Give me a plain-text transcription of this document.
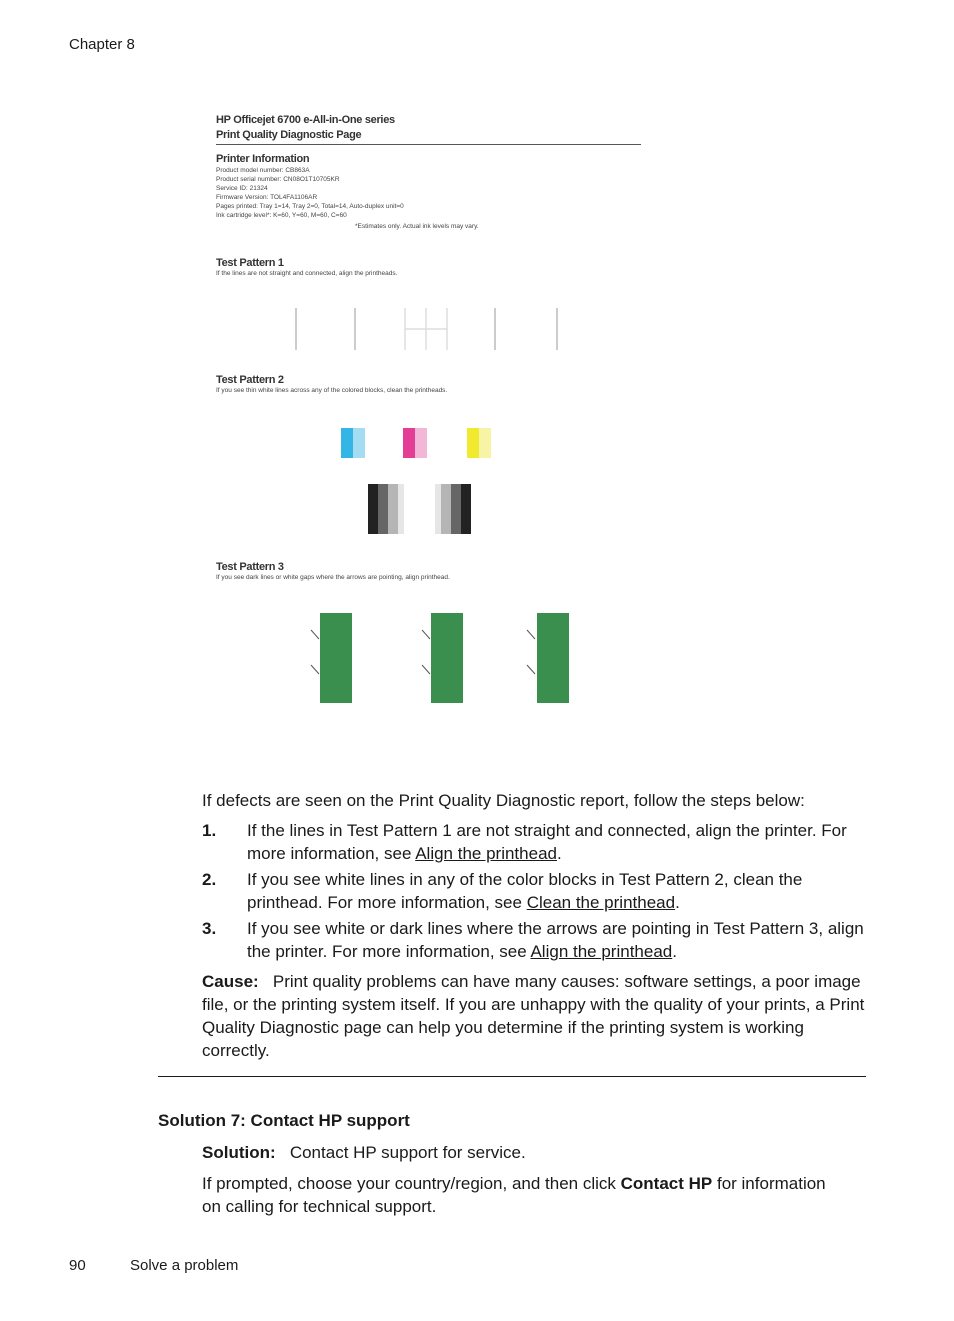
Chapter 8
HP Officejet 6700 e-All-in-One series
Print Quality Diagnostic Page
Printer Information
Product model number: CB863A
Product serial number: CN08O1T10705KR
Service ID: 21324
Firmware Version: TOL4FA1106AR
Pages printed: Tray 1=14, Tray 2=0, Total=14, Auto-duplex unit=0
Ink cartridge level*: K=60, Y=60, M=60, C=60
*Estimates only. Actual ink levels may vary.
Test Pattern 1
If the lines are not straight and connected, align the printheads.
Test Pattern 2
If you see thin white lines across any of the colored blocks, clean the printheads.
Test Pattern 3
If you see dark lines or white gaps where the arrows are pointing, align printhead.
If defects are seen on the Print Quality Diagnostic report, follow the steps below:
1. If the lines in Test Pattern 1 are not straight and connected, align the printer. For more information, see Align the printhead.
2. If you see white lines in any of the color blocks in Test Pattern 2, clean the printhead. For more information, see Clean the printhead.
3. If you see white or dark lines where the arrows are pointing in Test Pattern 3, align the printer. For more information, see Align the printhead.
Cause: Print quality problems can have many causes: software settings, a poor image file, or the printing system itself. If you are unhappy with the quality of your prints, a Print Quality Diagnostic page can help you determine if the printing system is working correctly.
Solution 7: Contact HP support
Solution: Contact HP support for service.
If prompted, choose your country/region, and then click Contact HP for information on calling for technical support.
90	Solve a problem
